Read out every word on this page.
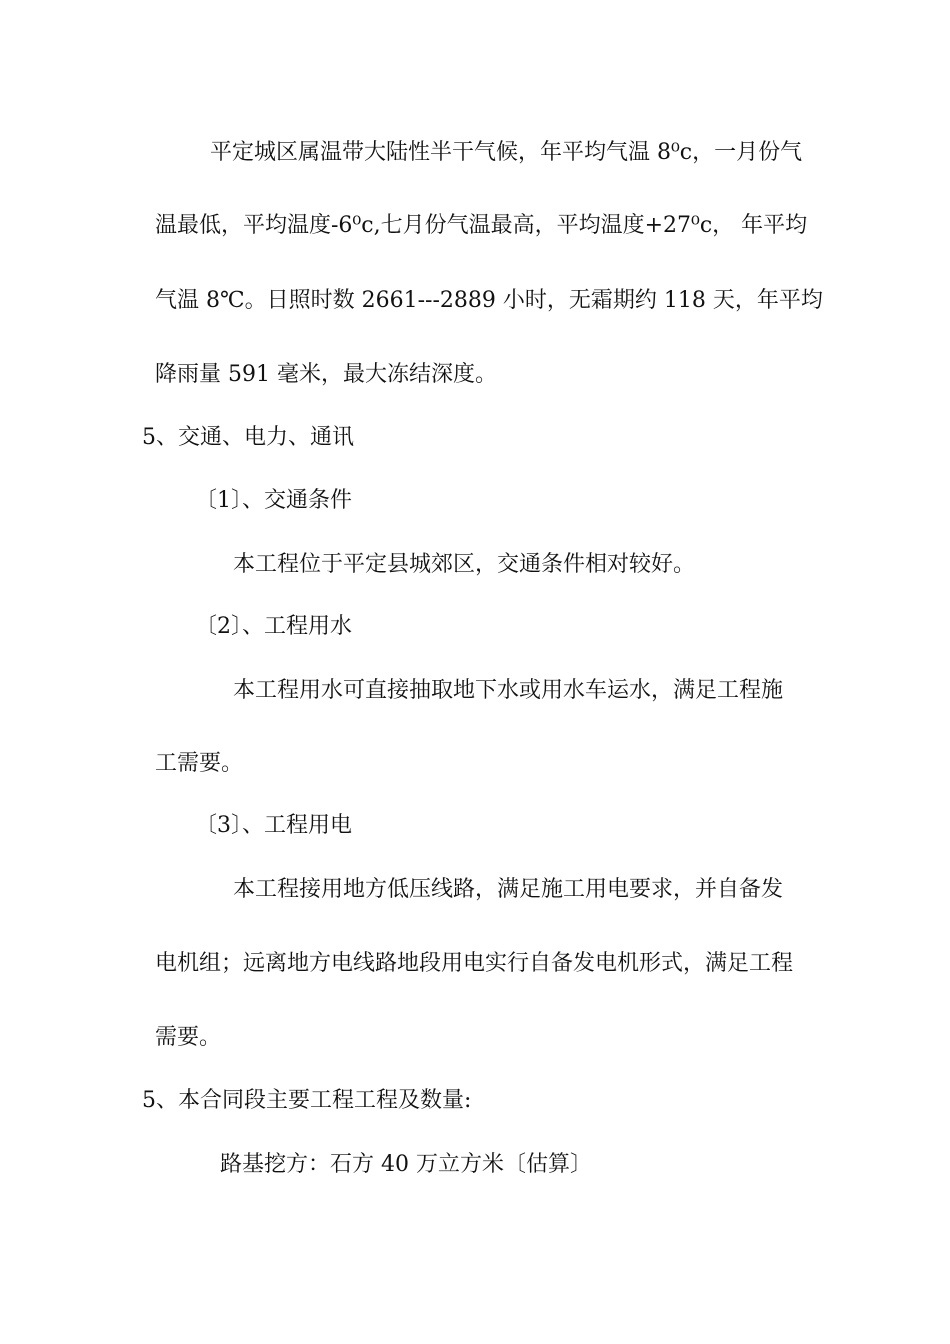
平定城区属温带大陆性半干气候，年平均气温 8⁰c，一月份气
温最低，平均温度-6⁰c,七月份气温最高，平均温度+27⁰c， 年平均
气温 8℃。日照时数 2661---2889 小时，无霜期约 118 天，年平均
降雨量 591 毫米，最大冻结深度。
5、交通、电力、通讯
〔1〕、交通条件
本工程位于平定县城郊区，交通条件相对较好。
〔2〕、工程用水
本工程用水可直接抽取地下水或用水车运水，满足工程施
工需要。
〔3〕、工程用电
本工程接用地方低压线路，满足施工用电要求，并自备发
电机组；远离地方电线路地段用电实行自备发电机形式，满足工程
需要。
5、本合同段主要工程工程及数量:
路基挖方：石方 40 万立方米〔估算〕
